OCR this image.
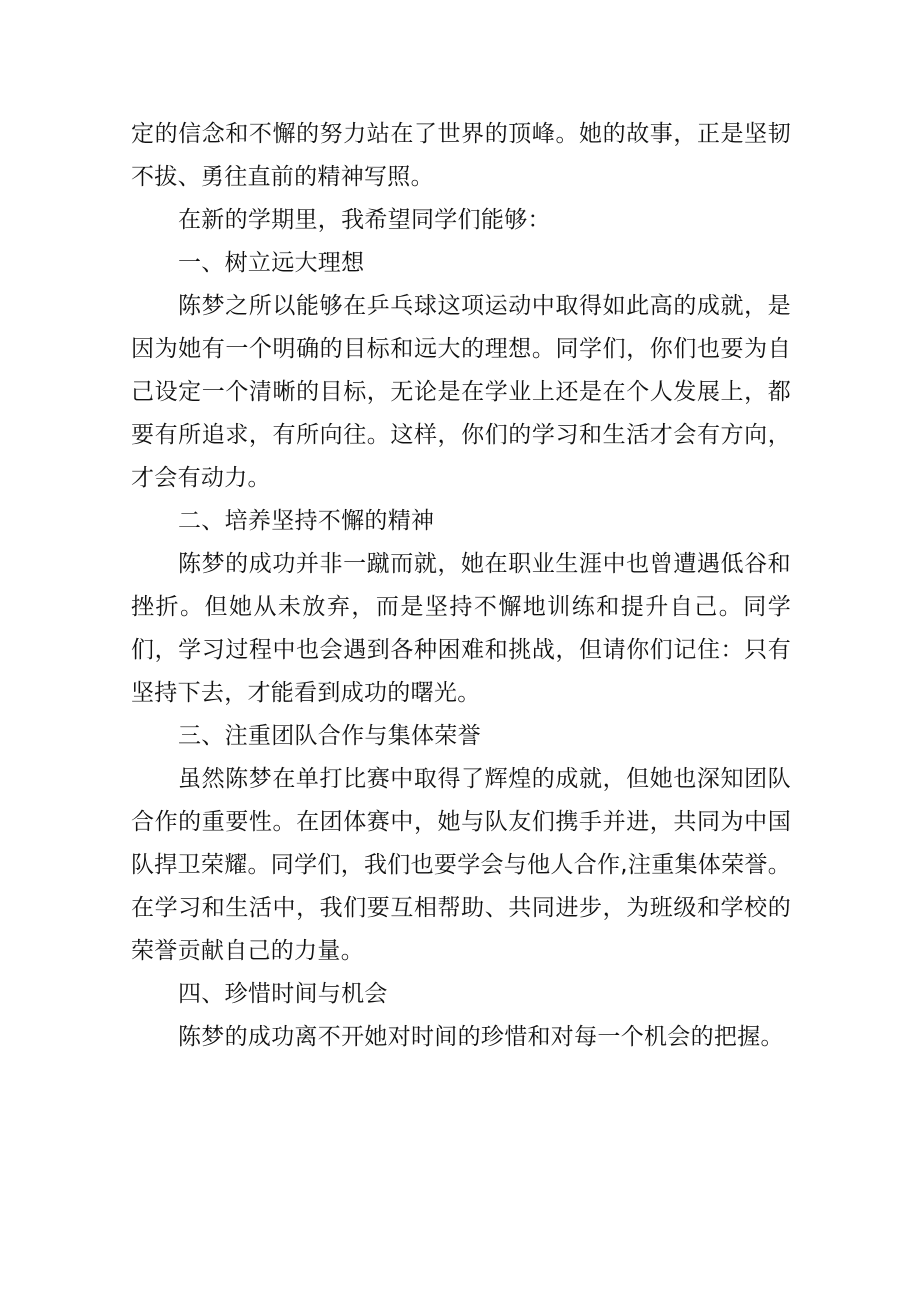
定的信念和不懈的努力站在了世界的顶峰。她的故事，正是坚韧不拔、勇往直前的精神写照。

在新的学期里，我希望同学们能够：

一、树立远大理想

陈梦之所以能够在乒乓球这项运动中取得如此高的成就，是因为她有一个明确的目标和远大的理想。同学们，你们也要为自己设定一个清晰的目标，无论是在学业上还是在个人发展上，都要有所追求，有所向往。这样，你们的学习和生活才会有方向，才会有动力。

二、培养坚持不懈的精神

陈梦的成功并非一蹴而就，她在职业生涯中也曾遭遇低谷和挫折。但她从未放弃，而是坚持不懈地训练和提升自己。同学们，学习过程中也会遇到各种困难和挑战，但请你们记住：只有坚持下去，才能看到成功的曙光。

三、注重团队合作与集体荣誉

虽然陈梦在单打比赛中取得了辉煌的成就，但她也深知团队合作的重要性。在团体赛中，她与队友们携手并进，共同为中国队捍卫荣耀。同学们，我们也要学会与他人合作,注重集体荣誉。在学习和生活中，我们要互相帮助、共同进步，为班级和学校的荣誉贡献自己的力量。

四、珍惜时间与机会

陈梦的成功离不开她对时间的珍惜和对每一个机会的把握。
